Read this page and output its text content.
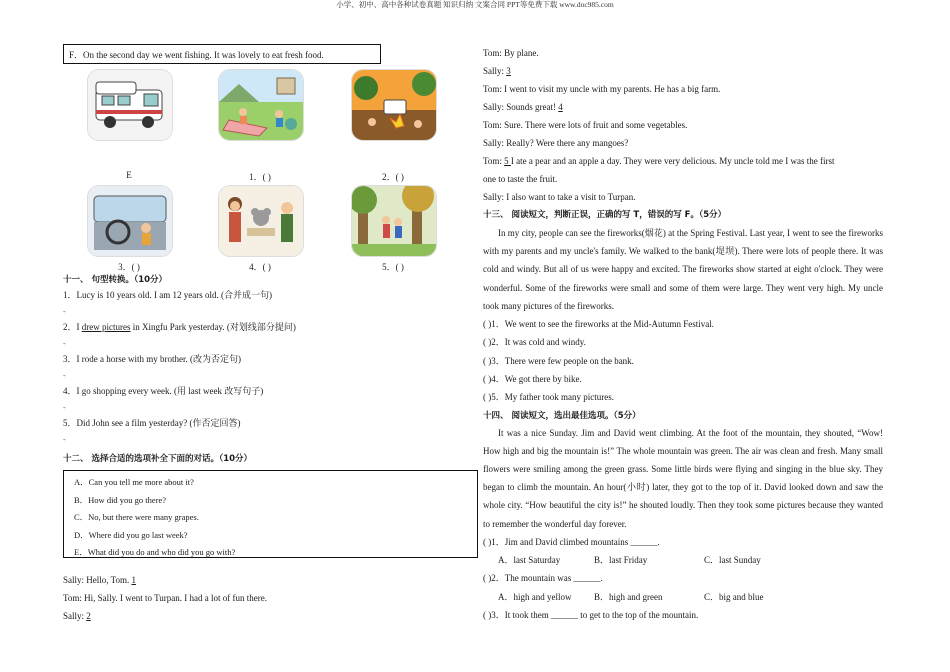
小学、初中、高中各种试卷真题 知识归纳 文案合同 PPT等免费下载 www.doc985.com
F．On the second day we went fishing. It was lovely to eat fresh food.
E	1．( )	2．( )
3．( )	4．( )	5．( )

十一、 句型转换。（10分）

1．Lucy is 10 years old. I am 12 years old. (合并成一句)

-

2．I drew pictures in Xingfu Park yesterday. (对划线部分提问)

-

3．I rode a horse with my brother. (改为否定句)

-

4．I go shopping every week. (用 last week 改写句子)

-

5．Did John see a film yesterday? (作否定回答)

-

十二、 选择合适的选项补全下面的对话。（10分）

A．Can you tell me more about it?

B．How did you go there?

C．No, but there were many grapes.

D．Where did you go last week?

E．What did you do and who did you go with?

Sally: Hello, Tom. 1

Tom: Hi, Sally. I went to Turpan. I had a lot of fun there.

Sally: 2

Tom: By plane.

Sally: 3

Tom: I went to visit my uncle with my parents. He has a big farm.

Sally: Sounds great! 4

Tom: Sure. There were lots of fruit and some vegetables.

Sally: Really? Were there any mangoes?

Tom: 5 I ate a pear and an apple a day. They were very delicious. My uncle told me I was the first

one to taste the fruit.

Sally: I also want to take a visit to Turpan.

十三、 阅读短文，判断正误，正确的写 T，错误的写 F。（5分）

In my city, people can see the fireworks(烟花) at the Spring Festival. Last year, I went to see the fireworks with my parents and my uncle's family. We walked to the bank(堤坝). There were lots of people there. It was cold and windy. But all of us were happy and excited. The fireworks show started at eight o'clock. They were wonderful. Some of the fireworks were small and some of them were large. They went very high. My uncle took many pictures of the fireworks.

( )1．We went to see the fireworks at the Mid-Autumn Festival.

( )2．It was cold and windy.

( )3．There were few people on the bank.

( )4．We got there by bike.

( )5．My father took many pictures.

十四、 阅读短文，选出最佳选项。（5分）

It was a nice Sunday. Jim and David went climbing. At the foot of the mountain, they shouted, “Wow! How high and big the mountain is!” The whole mountain was green. The air was clean and fresh. Many small flowers were smiling among the green grass. Some little birds were flying and singing in the blue sky. They began to climb the mountain. An hour(小时) later, they got to the top of it. David looked down and saw the whole city. “How beautiful the city is!” he shouted loudly. Then they took some pictures because they wanted to remember the wonderful day forever.

( )1．Jim and David climbed mountains ______.

A．last Saturday	B．last Friday	C．last Sunday

( )2．The mountain was ______.

A．high and yellow	B．high and green	C．big and blue

( )3．It took them ______ to get to the top of the mountain.
